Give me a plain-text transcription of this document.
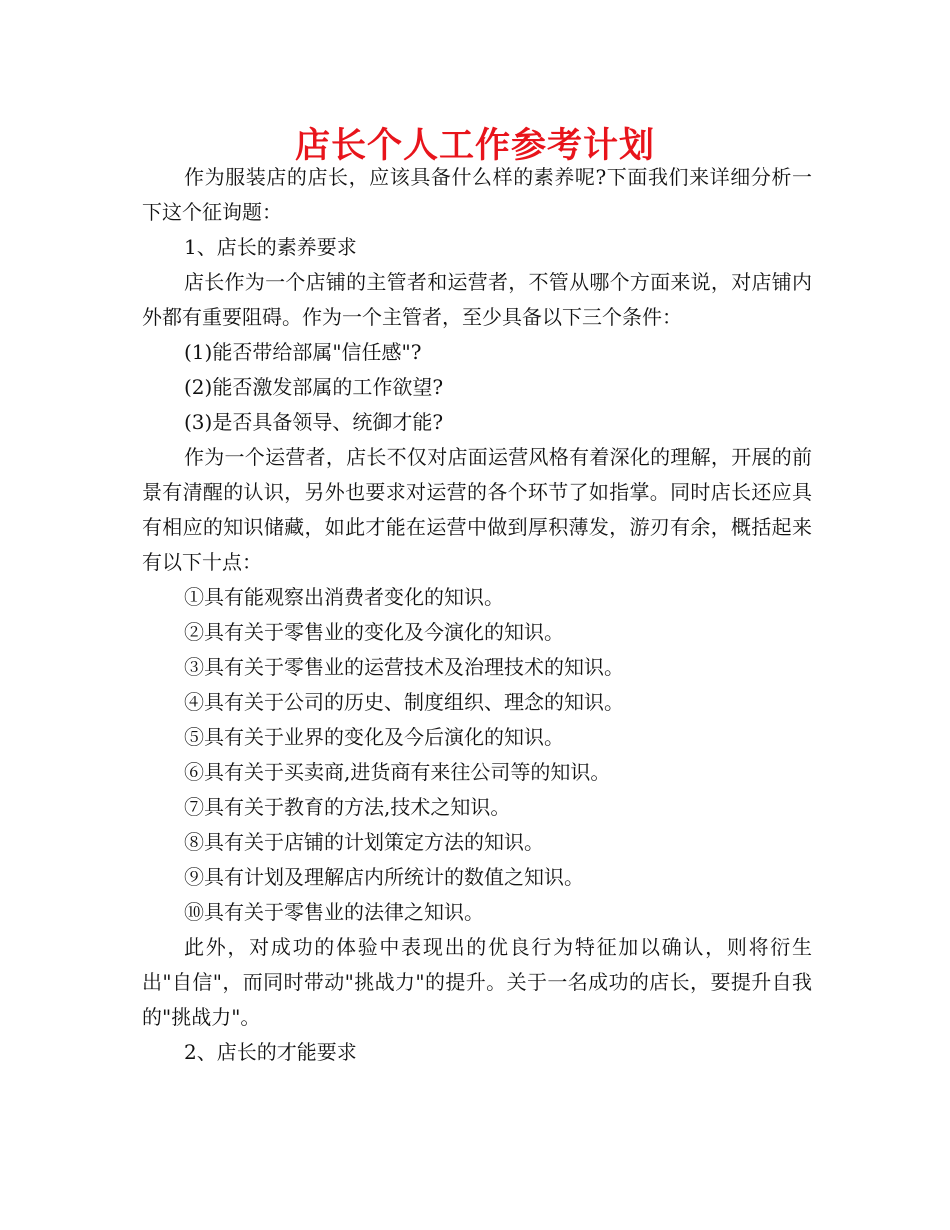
店长个人工作参考计划

作为服装店的店长，应该具备什么样的素养呢?下面我们来详细分析一下这个征询题：

1、店长的素养要求

店长作为一个店铺的主管者和运营者，不管从哪个方面来说，对店铺内外都有重要阻碍。作为一个主管者，至少具备以下三个条件：

(1)能否带给部属"信任感"?

(2)能否激发部属的工作欲望?

(3)是否具备领导、统御才能?

作为一个运营者，店长不仅对店面运营风格有着深化的理解，开展的前景有清醒的认识，另外也要求对运营的各个环节了如指掌。同时店长还应具有相应的知识储藏，如此才能在运营中做到厚积薄发，游刃有余，概括起来有以下十点：

①具有能观察出消费者变化的知识。

②具有关于零售业的变化及今演化的知识。

③具有关于零售业的运营技术及治理技术的知识。

④具有关于公司的历史、制度组织、理念的知识。

⑤具有关于业界的变化及今后演化的知识。

⑥具有关于买卖商,进货商有来往公司等的知识。

⑦具有关于教育的方法,技术之知识。

⑧具有关于店铺的计划策定方法的知识。

⑨具有计划及理解店内所统计的数值之知识。

⑩具有关于零售业的法律之知识。

此外，对成功的体验中表现出的优良行为特征加以确认，则将衍生出"自信"，而同时带动"挑战力"的提升。关于一名成功的店长，要提升自我的"挑战力"。

2、店长的才能要求
